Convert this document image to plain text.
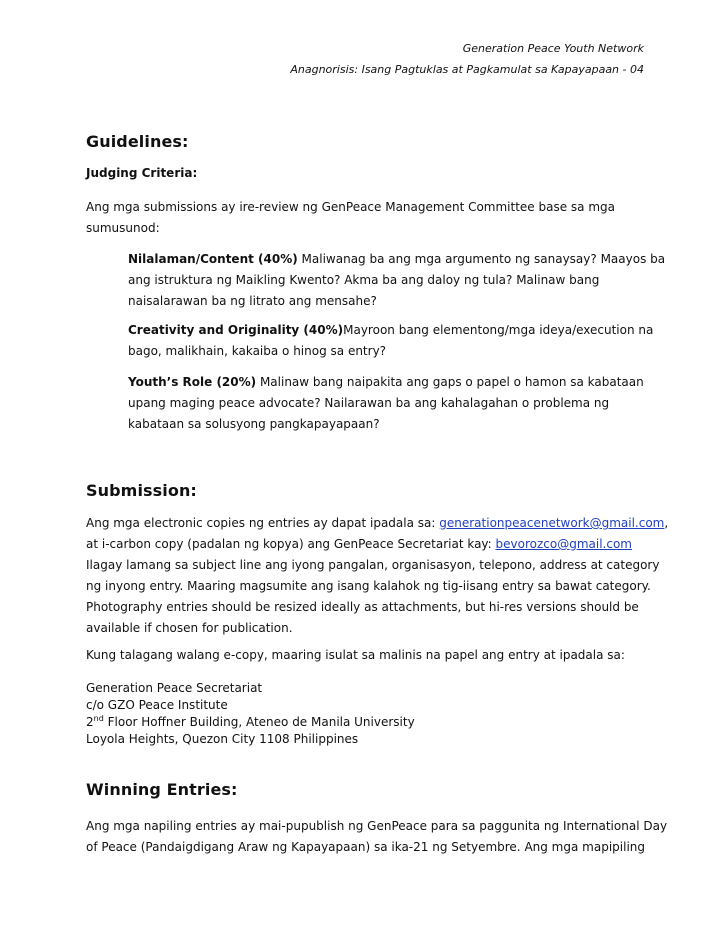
Generation Peace Youth Network
Anagnorisis: Isang Pagtuklas at Pagkamulat sa Kapayapaan - 04
Guidelines:
Judging Criteria:
Ang mga submissions ay ire-review ng GenPeace Management Committee base sa mga
sumusunod:
Nilalaman/Content (40%) Maliwanag ba ang mga argumento ng sanaysay? Maayos ba
ang istruktura ng Maikling Kwento? Akma ba ang daloy ng tula? Malinaw bang
naisalarawan ba ng litrato ang mensahe?
Creativity and Originality (40%)Mayroon bang elementong/mga ideya/execution na
bago, malikhain, kakaiba o hinog sa entry?
Youth’s Role (20%) Malinaw bang naipakita ang gaps o papel o hamon sa kabataan
upang maging peace advocate? Nailarawan ba ang kahalagahan o problema ng
kabataan sa solusyong pangkapayapaan?
Submission:
Ang mga electronic copies ng entries ay dapat ipadala sa: generationpeacenetwork@gmail.com,
at i-carbon copy (padalan ng kopya) ang GenPeace Secretariat kay: bevorozco@gmail.com
Ilagay lamang sa subject line ang iyong pangalan, organisasyon, telepono, address at category
ng inyong entry. Maaring magsumite ang isang kalahok ng tig-iisang entry sa bawat category.
Photography entries should be resized ideally as attachments, but hi-res versions should be
available if chosen for publication.
Kung talagang walang e-copy, maaring isulat sa malinis na papel ang entry at ipadala sa:
Generation Peace Secretariat
c/o GZO Peace Institute
2nd Floor Hoffner Building, Ateneo de Manila University
Loyola Heights, Quezon City 1108 Philippines
Winning Entries:
Ang mga napiling entries ay mai-pupublish ng GenPeace para sa paggunita ng International Day
of Peace (Pandaigdigang Araw ng Kapayapaan) sa ika-21 ng Setyembre. Ang mga mapipiling
